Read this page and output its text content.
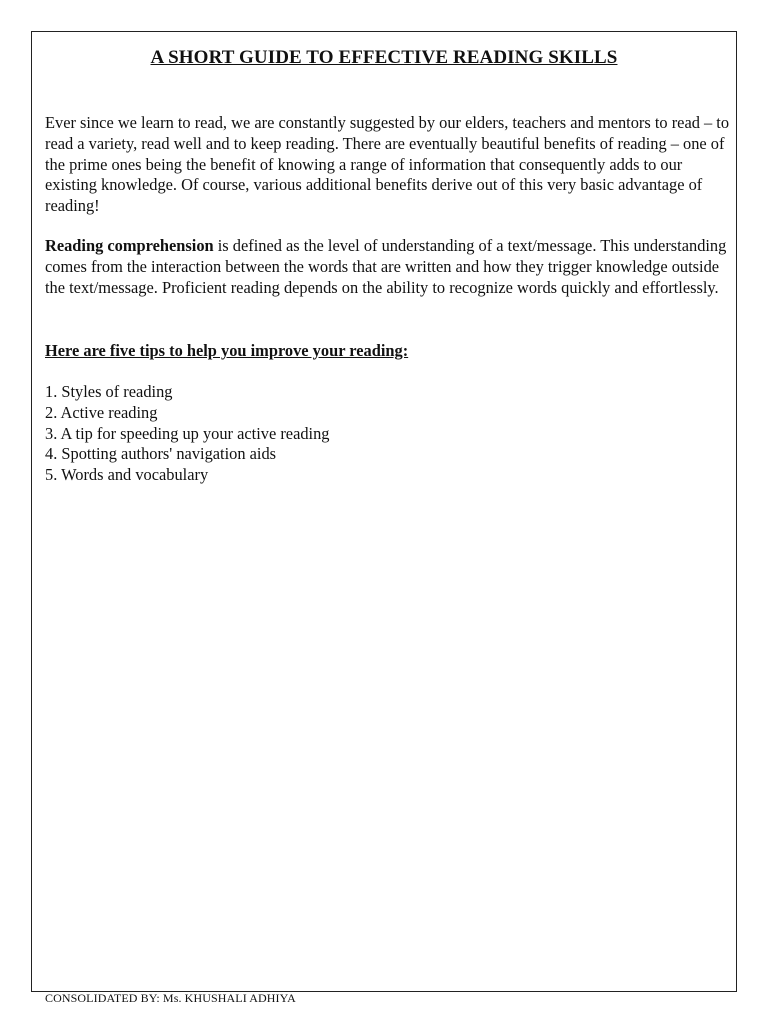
A SHORT GUIDE TO EFFECTIVE READING SKILLS

Ever since we learn to read, we are constantly suggested by our elders, teachers and mentors to read – to read a variety, read well and to keep reading. There are eventually beautiful benefits of reading – one of the prime ones being the benefit of knowing a range of information that consequently adds to our existing knowledge. Of course, various additional benefits derive out of this very basic advantage of reading!

Reading comprehension is defined as the level of understanding of a text/message. This understanding comes from the interaction between the words that are written and how they trigger knowledge outside the text/message. Proficient reading depends on the ability to recognize words quickly and effortlessly.

Here are five tips to help you improve your reading:
1. Styles of reading
2. Active reading
3. A tip for speeding up your active reading
4. Spotting authors' navigation aids
5. Words and vocabulary
CONSOLIDATED BY: Ms. KHUSHALI ADHIYA
